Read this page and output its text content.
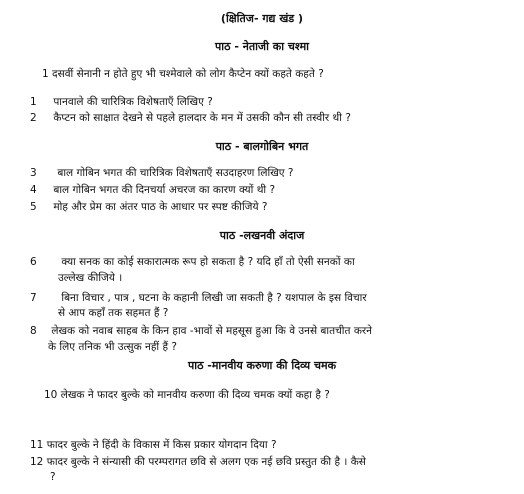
(क्षितिज- गद्य खंड )
पाठ - नेताजी का चश्मा
1 दसवीं सेनानी न होते हुए भी चश्मेवाले को लोग कैप्टेन क्यों कहते कहते ?
1 पानवाले की चारित्रिक विशेषताएँ लिखिए ?
2 कैप्टन को साक्षात देखने से पहले हालदार के मन में उसकी कौन सी तस्वीर थी ?
पाठ - बालगोबिन भगत
3 बाल गोबिन भगत की चारित्रिक विशेषताएँ सउदाहरण लिखिए ?
4 बाल गोबिन भगत की दिनचर्या अचरज का कारण क्यों थी ?
5 मोह और प्रेम का अंतर पाठ के आधार पर स्पष्ट कीजिये ?
पाठ -लखनवी अंदाज
6 क्या सनक का कोई सकारात्मक रूप हो सकता है ? यदि हाँ तो ऐसी सनकों का
उल्लेख कीजिये ।
7 बिना विचार , पात्र , घटना के कहानी लिखी जा सकती है ? यशपाल के इस विचार
से आप कहाँ तक सहमत हैं ?
8 लेखक को नवाब साहब के किन हाव -भावों से महसूस हुआ कि वे उनसे बातचीत करने
के लिए तनिक भी उत्सुक नहीं हैं ?
पाठ -मानवीय करुणा की दिव्य चमक
10 लेखक ने फादर बुल्के को मानवीय करुणा की दिव्य चमक क्यों कहा है ?
11 फादर बुल्के ने हिंदी के विकास में किस प्रकार योगदान दिया ?
12 फादर बुल्के ने संन्यासी की परम्परागत छवि से अलग एक नई छवि प्रस्तुत की है । कैसे
?
